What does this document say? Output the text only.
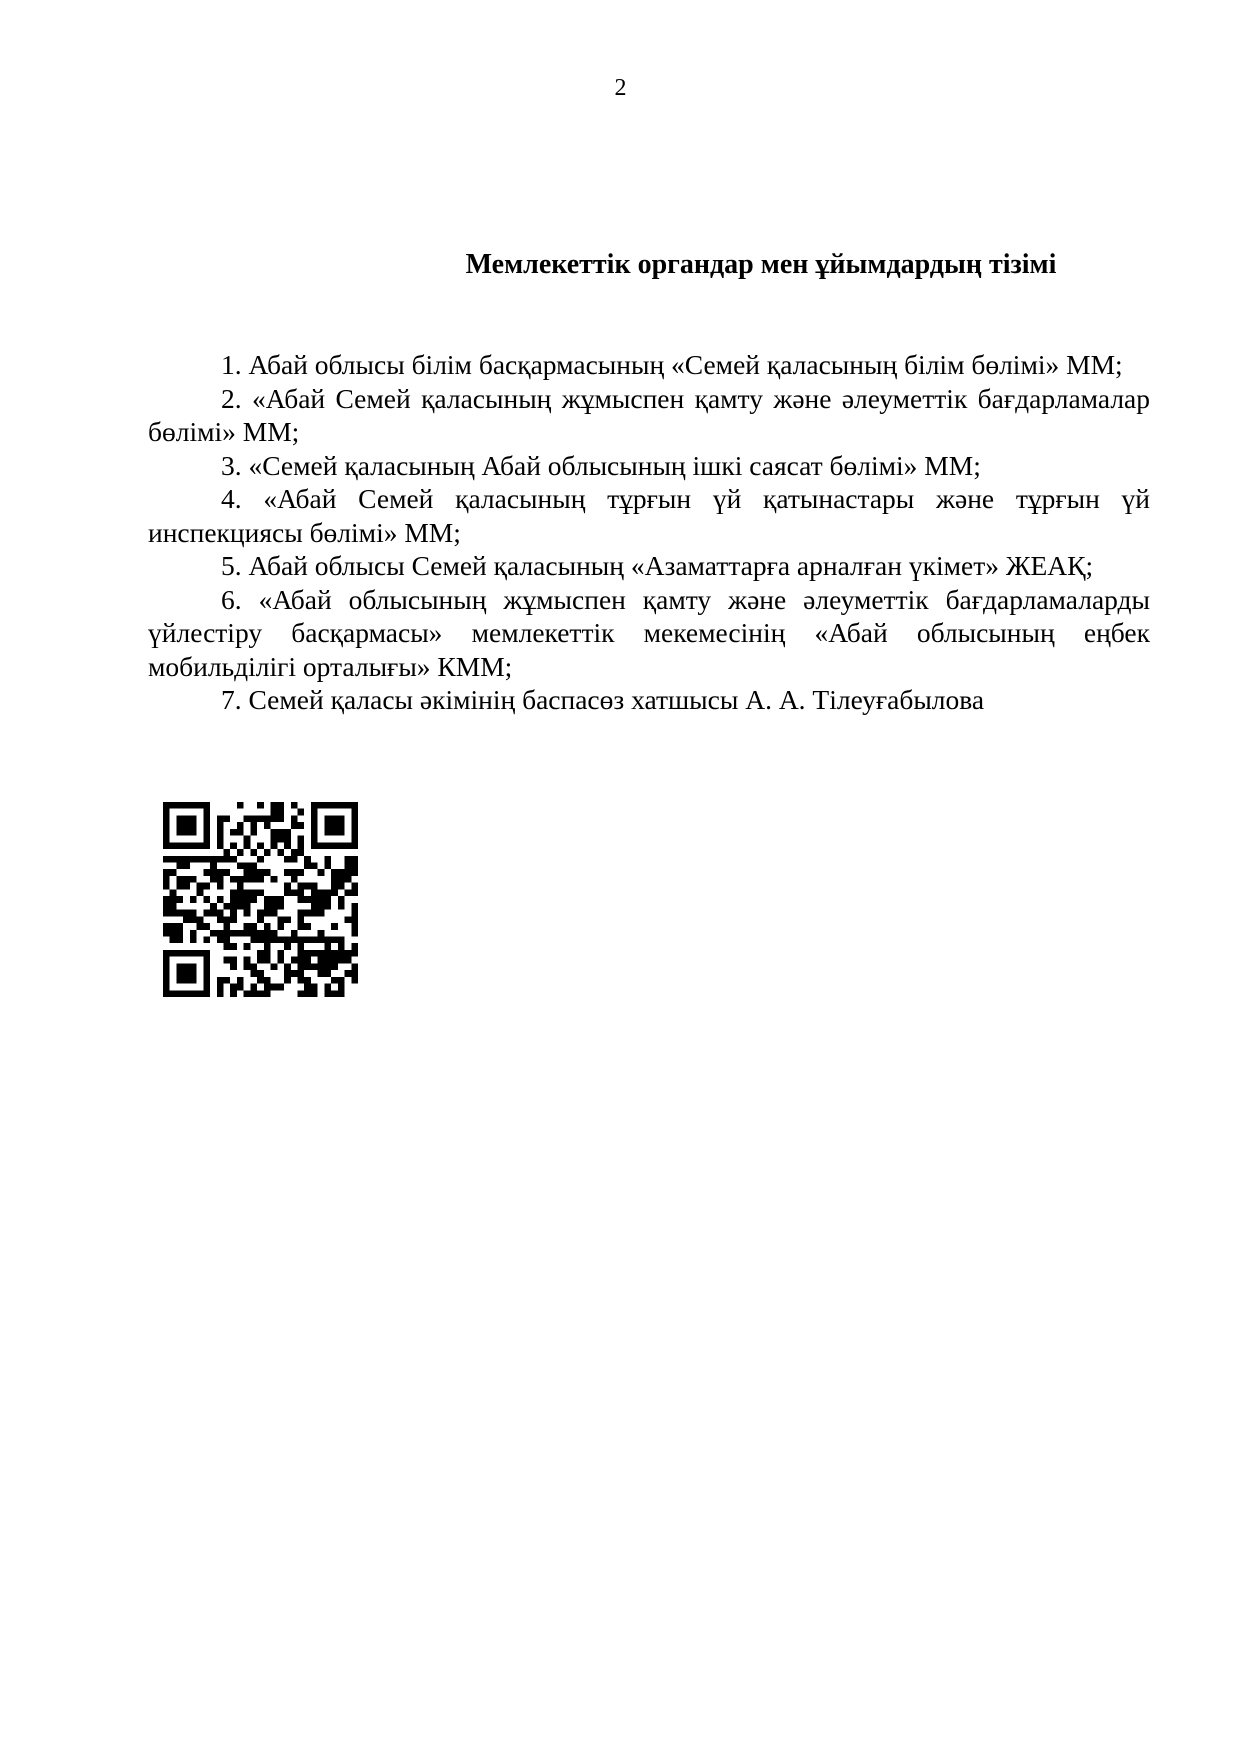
2
Мемлекеттік органдар мен ұйымдардың тізімі
1. Абай облысы білім басқармасының «Семей қаласының білім бөлімі» ММ;
2. «Абай Семей қаласының жұмыспен қамту және әлеуметтік бағдарламалар бөлімі» ММ;
3. «Семей қаласының Абай облысының ішкі саясат бөлімі» ММ;
4. «Абай Семей қаласының тұрғын үй қатынастары және тұрғын үй инспекциясы бөлімі» ММ;
5. Абай облысы Семей қаласының «Азаматтарға арналған үкімет» ЖЕАҚ;
6. «Абай облысының жұмыспен қамту және әлеуметтік бағдарламаларды үйлестіру басқармасы» мемлекеттік мекемесінің «Абай облысының еңбек мобильділігі орталығы» КММ;
7. Семей қаласы әкімінің баспасөз хатшысы А. А. Тілеуғабылова
